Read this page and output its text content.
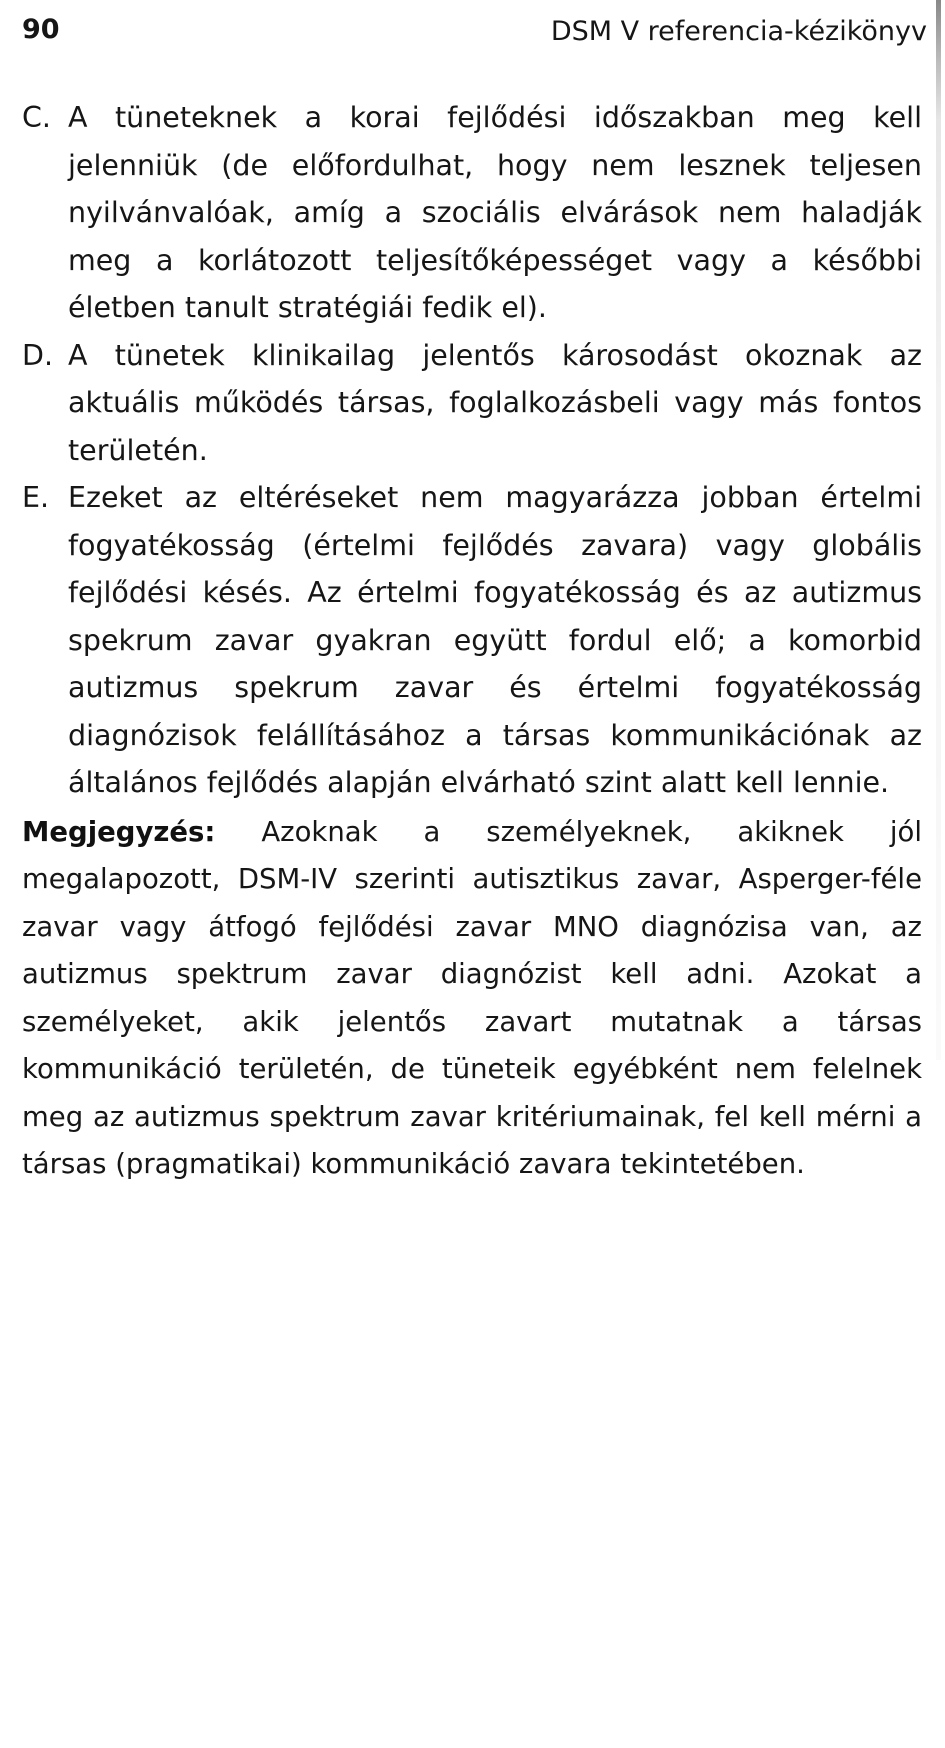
90	DSM V referencia-kézikönyv
C. A tüneteknek a korai fejlődési időszakban meg kell jelenniük (de előfordulhat, hogy nem lesznek teljesen nyilvánvalóak, amíg a szociális elvárások nem haladják meg a korlátozott teljesítőképességet vagy a későbbi életben tanult stratégiái fedik el).
D. A tünetek klinikailag jelentős károsodást okoznak az aktuális működés társas, foglalkozásbeli vagy más fontos területén.
E. Ezeket az eltéréseket nem magyarázza jobban értelmi fogyatékosság (értelmi fejlődés zavara) vagy globális fejlődési késés. Az értelmi fogyatékosság és az autizmus spekrum zavar gyakran együtt fordul elő; a komorbid autizmus spekrum zavar és értelmi fogyatékosság diagnózisok felállításához a társas kommunikációnak az általános fejlődés alapján elvárható szint alatt kell lennie.
Megjegyzés: Azoknak a személyeknek, akiknek jól megalapozott, DSM-IV szerinti autisztikus zavar, Asperger-féle zavar vagy átfogó fejlődési zavar MNO diagnózisa van, az autizmus spektrum zavar diagnózist kell adni. Azokat a személyeket, akik jelentős zavart mutatnak a társas kommunikáció területén, de tüneteik egyébként nem felelnek meg az autizmus spektrum zavar kritériumainak, fel kell mérni a társas (pragmatikai) kommunikáció zavara tekintetében.
